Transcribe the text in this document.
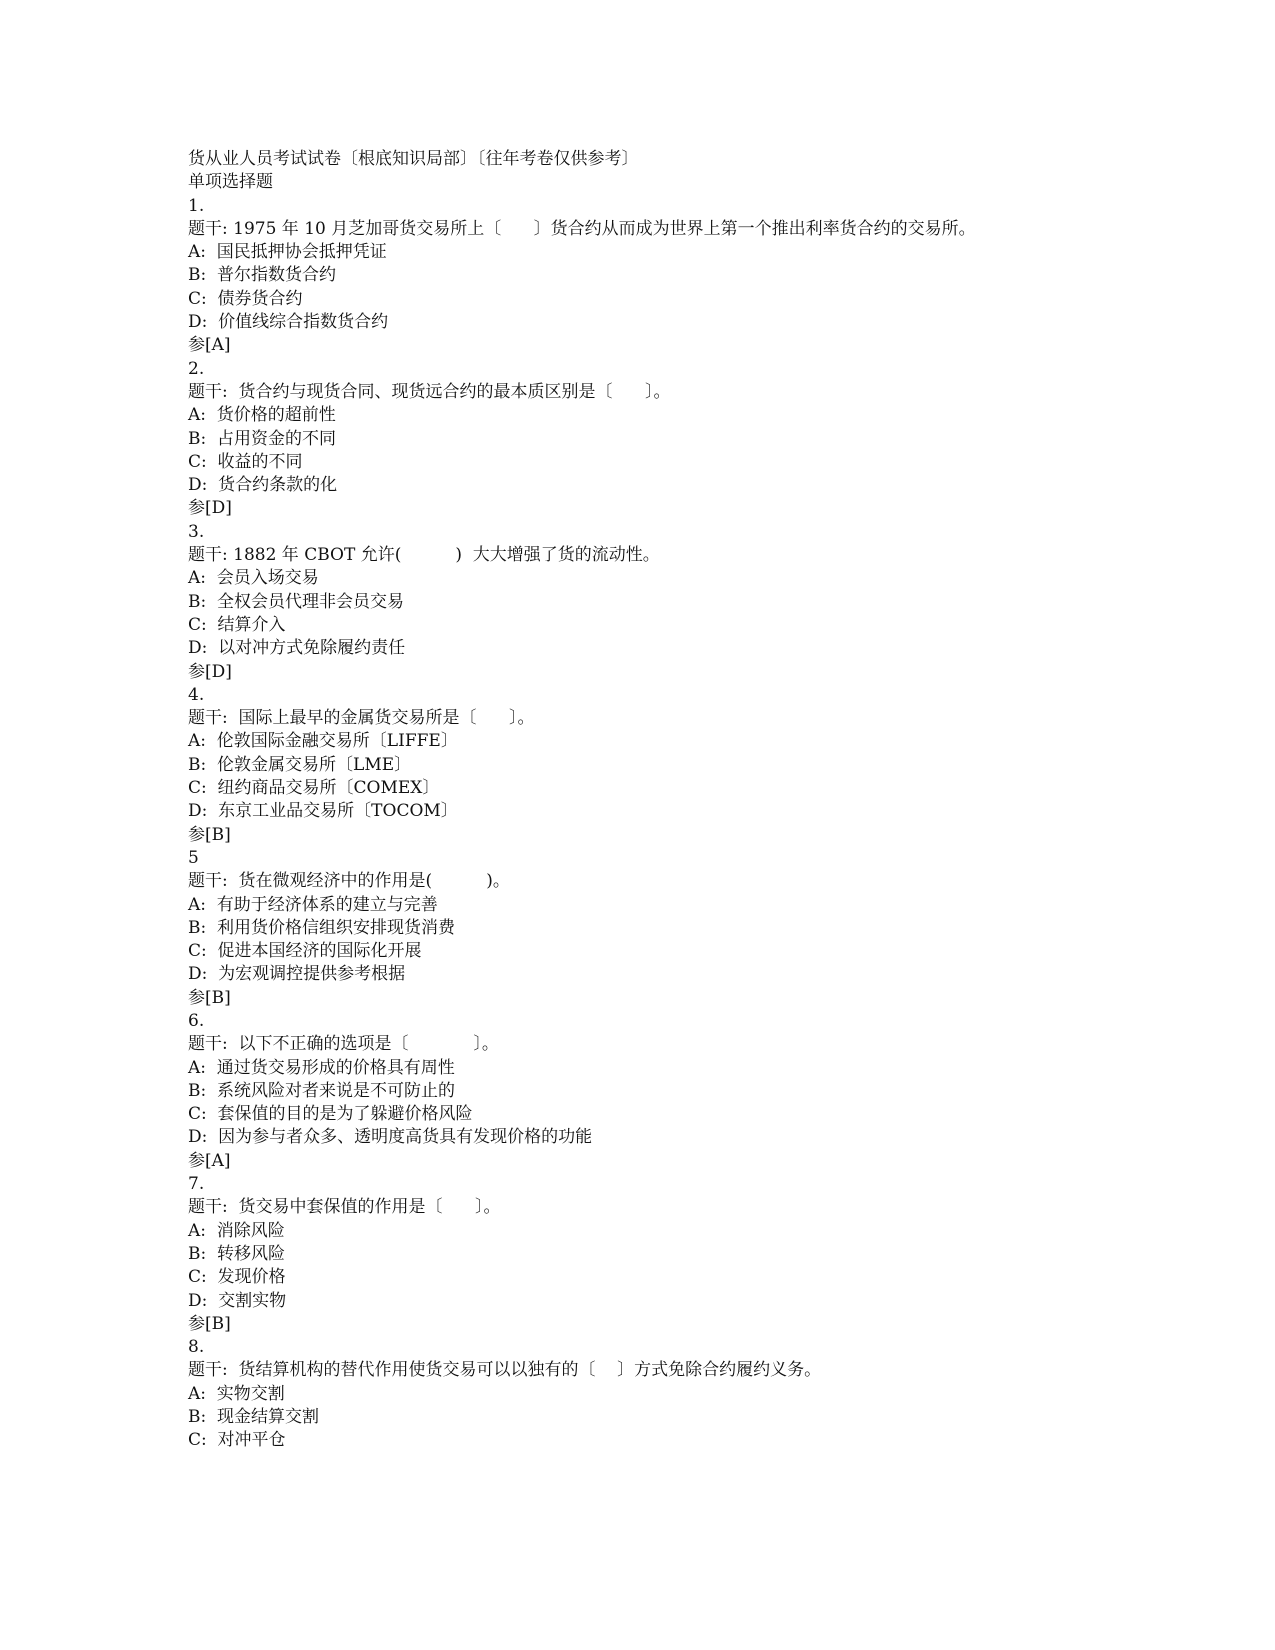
货从业人员考试试卷〔根底知识局部〕〔往年考卷仅供参考〕
单项选择题
1.
题干: 1975 年 10 月芝加哥货交易所上〔      〕货合约从而成为世界上第一个推出利率货合约的交易所。
A:  国民抵押协会抵押凭证
B:  普尔指数货合约
C:  债券货合约
D:  价值线综合指数货合约
参[A]
2.
题干:  货合约与现货合同、现货远合约的最本质区别是〔      〕。
A:  货价格的超前性
B:  占用资金的不同
C:  收益的不同
D:  货合约条款的化
参[D]
3.
题干: 1882 年 CBOT 允许(          )  大大增强了货的流动性。
A:  会员入场交易
B:  全权会员代理非会员交易
C:  结算介入
D:  以对冲方式免除履约责任
参[D]
4.
题干:  国际上最早的金属货交易所是〔      〕。
A:  伦敦国际金融交易所〔LIFFE〕
B:  伦敦金属交易所〔LME〕
C:  纽约商品交易所〔COMEX〕
D:  东京工业品交易所〔TOCOM〕
参[B]
5
题干:  货在微观经济中的作用是(          )。
A:  有助于经济体系的建立与完善
B:  利用货价格信组织安排现货消费
C:  促进本国经济的国际化开展
D:  为宏观调控提供参考根据
参[B]
6.
题干:  以下不正确的选项是〔            〕。
A:  通过货交易形成的价格具有周性
B:  系统风险对者来说是不可防止的
C:  套保值的目的是为了躲避价格风险
D:  因为参与者众多、透明度高货具有发现价格的功能
参[A]
7.
题干:  货交易中套保值的作用是〔      〕。
A:  消除风险
B:  转移风险
C:  发现价格
D:  交割实物
参[B]
8.
题干:  货结算机构的替代作用使货交易可以以独有的〔    〕方式免除合约履约义务。
A:  实物交割
B:  现金结算交割
C:  对冲平仓
